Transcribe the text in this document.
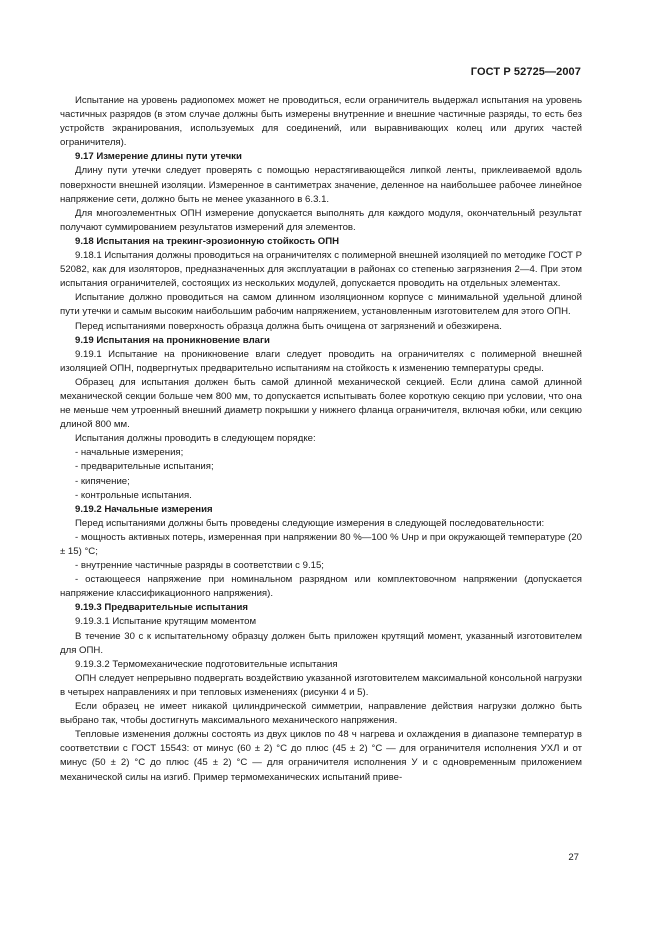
ГОСТ Р 52725—2007

Испытание на уровень радиопомех может не проводиться, если ограничитель выдержал испытания на уровень частичных разрядов (в этом случае должны быть измерены внутренние и внешние частичные разряды, то есть без устройств экранирования, используемых для соединений, или выравнивающих колец или других частей ограничителя).

9.17 Измерение длины пути утечки

Длину пути утечки следует проверять с помощью нерастягивающейся липкой ленты, приклеиваемой вдоль поверхности внешней изоляции. Измеренное в сантиметрах значение, деленное на наибольшее рабочее линейное напряжение сети, должно быть не менее указанного в 6.3.1.

Для многоэлементных ОПН измерение допускается выполнять для каждого модуля, окончательный результат получают суммированием результатов измерений для элементов.

9.18 Испытания на трекинг-эрозионную стойкость ОПН

9.18.1 Испытания должны проводиться на ограничителях с полимерной внешней изоляцией по методике ГОСТ Р 52082, как для изоляторов, предназначенных для эксплуатации в районах со степенью загрязнения 2—4. При этом испытания ограничителей, состоящих из нескольких модулей, допускается проводить на отдельных элементах.

Испытание должно проводиться на самом длинном изоляционном корпусе с минимальной удельной длиной пути утечки и самым высоким наибольшим рабочим напряжением, установленным изготовителем для этого ОПН.

Перед испытаниями поверхность образца должна быть очищена от загрязнений и обезжирена.

9.19 Испытания на проникновение влаги

9.19.1 Испытание на проникновение влаги следует проводить на ограничителях с полимерной внешней изоляцией ОПН, подвергнутых предварительно испытаниям на стойкость к изменению температуры среды.

Образец для испытания должен быть самой длинной механической секцией. Если длина самой длинной механической секции больше чем 800 мм, то допускается испытывать более короткую секцию при условии, что она не меньше чем утроенный внешний диаметр покрышки у нижнего фланца ограничителя, включая юбки, или секцию длиной 800 мм.

Испытания должны проводить в следующем порядке:

- начальные измерения;

- предварительные испытания;

- кипячение;

- контрольные испытания.

9.19.2 Начальные измерения

Перед испытаниями должны быть проведены следующие измерения в следующей последовательности:

- мощность активных потерь, измеренная при напряжении 80 %—100 % Uнр и при окружающей температуре (20 ± 15) °С;

- внутренние частичные разряды в соответствии с 9.15;

- остающееся напряжение при номинальном разрядном или комплектовочном напряжении (допускается напряжение классификационного напряжения).

9.19.3 Предварительные испытания

9.19.3.1 Испытание крутящим моментом

В течение 30 с к испытательному образцу должен быть приложен крутящий момент, указанный изготовителем для ОПН.

9.19.3.2 Термомеханические подготовительные испытания

ОПН следует непрерывно подвергать воздействию указанной изготовителем максимальной консольной нагрузки в четырех направлениях и при тепловых изменениях (рисунки 4 и 5).

Если образец не имеет никакой цилиндрической симметрии, направление действия нагрузки должно быть выбрано так, чтобы достигнуть максимального механического напряжения.

Тепловые изменения должны состоять из двух циклов по 48 ч нагрева и охлаждения в диапазоне температур в соответствии с ГОСТ 15543: от минус (60 ± 2) °С до плюс (45 ± 2) °С — для ограничителя исполнения УХЛ и от минус (50 ± 2) °С до плюс (45 ± 2) °С — для ограничителя исполнения У и с одновременным приложением механической силы на изгиб. Пример термомеханических испытаний приве-

27
